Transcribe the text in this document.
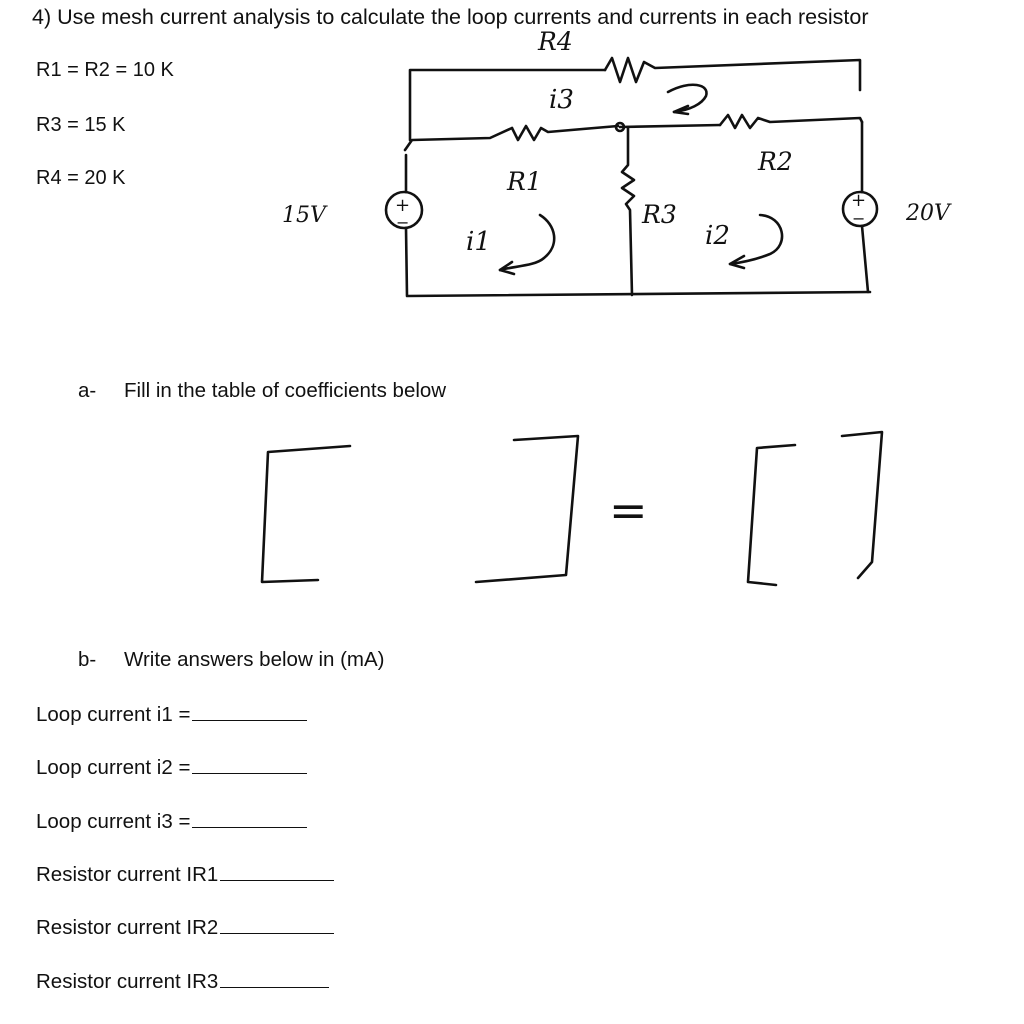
4) Use mesh current analysis to calculate the loop currents and currents in each resistor
R1 = R2 = 10 K
R3 = 15 K
R4 = 20 K
+
−
+
−
R4
i3
R1
R2
R3
i1	i2
15V	20V
=
a- Fill in the table of coefficients below
b- Write answers below in (mA)
Loop current i1 =
Loop current i2 =
Loop current i3 =
Resistor current IR1
Resistor current IR2
Resistor current IR3
